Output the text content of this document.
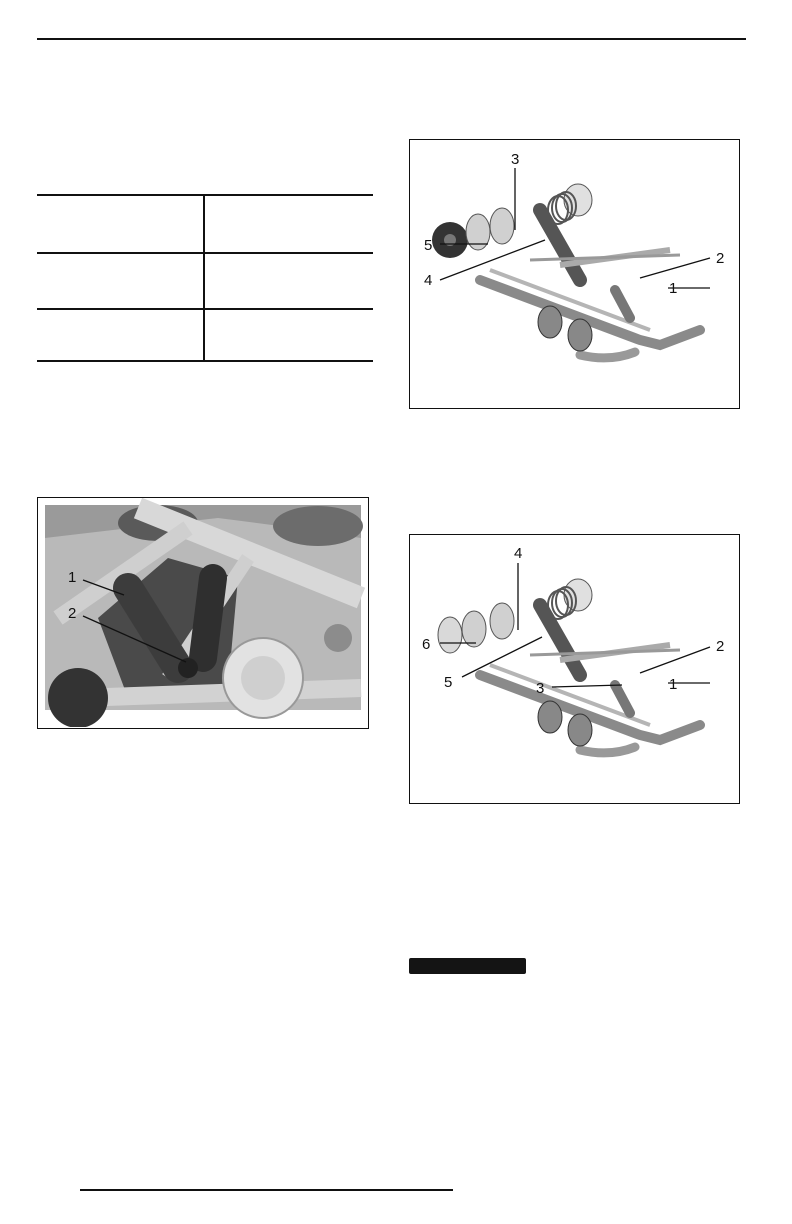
1
2
3
4
5
1
2
1
2
3
4
5
6
